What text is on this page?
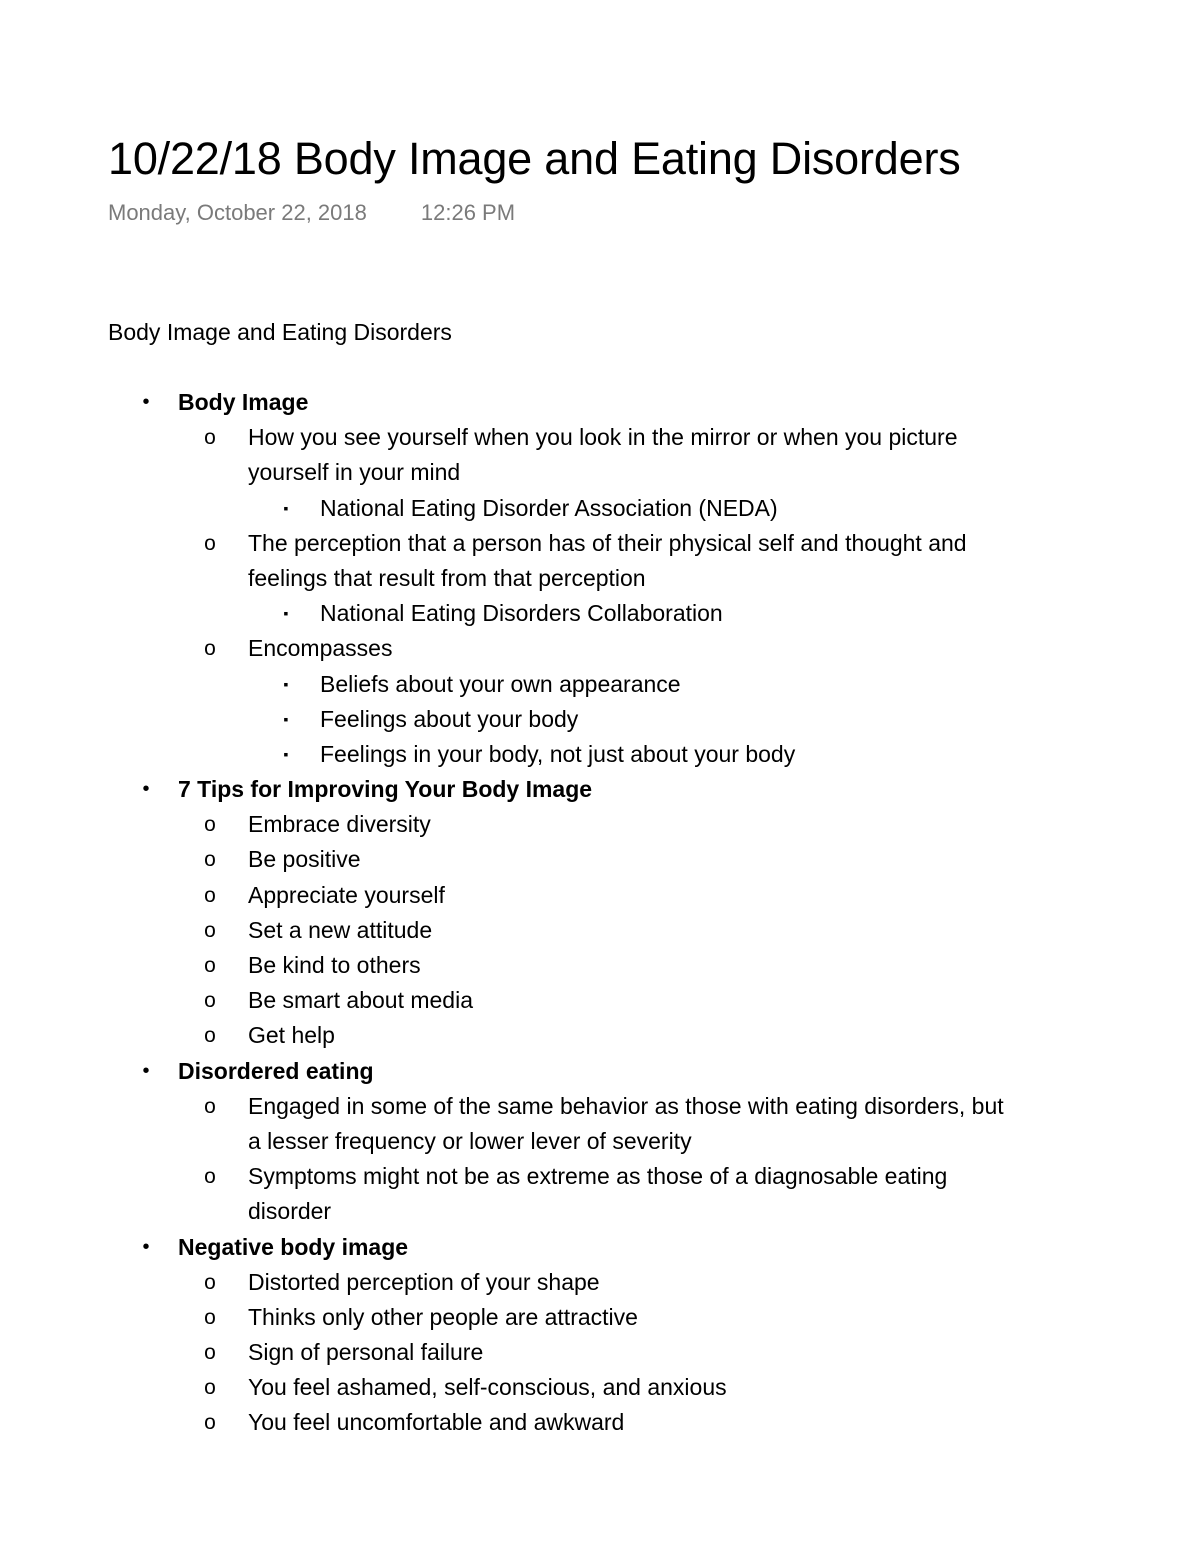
10/22/18 Body Image and Eating Disorders
Monday, October 22, 2018 12:26 PM
Body Image and Eating Disorders
• Body Image
o How you see yourself when you look in the mirror or when you picture
yourself in your mind
▪	National Eating Disorder Association (NEDA)
o The perception that a person has of their physical self and thought and
feelings that result from that perception
▪	National Eating Disorders Collaboration
o Encompasses
▪	Beliefs about your own appearance
▪	Feelings about your body
▪	Feelings in your body, not just about your body
• 7 Tips for Improving Your Body Image
o Embrace diversity
o Be positive
o Appreciate yourself
o Set a new attitude
o Be kind to others
o Be smart about media
o Get help
• Disordered eating
o Engaged in some of the same behavior as those with eating disorders, but
a lesser frequency or lower lever of severity
o Symptoms might not be as extreme as those of a diagnosable eating
disorder
• Negative body image
o Distorted perception of your shape
o Thinks only other people are attractive
o Sign of personal failure
o You feel ashamed, self-conscious, and anxious
o You feel uncomfortable and awkward
